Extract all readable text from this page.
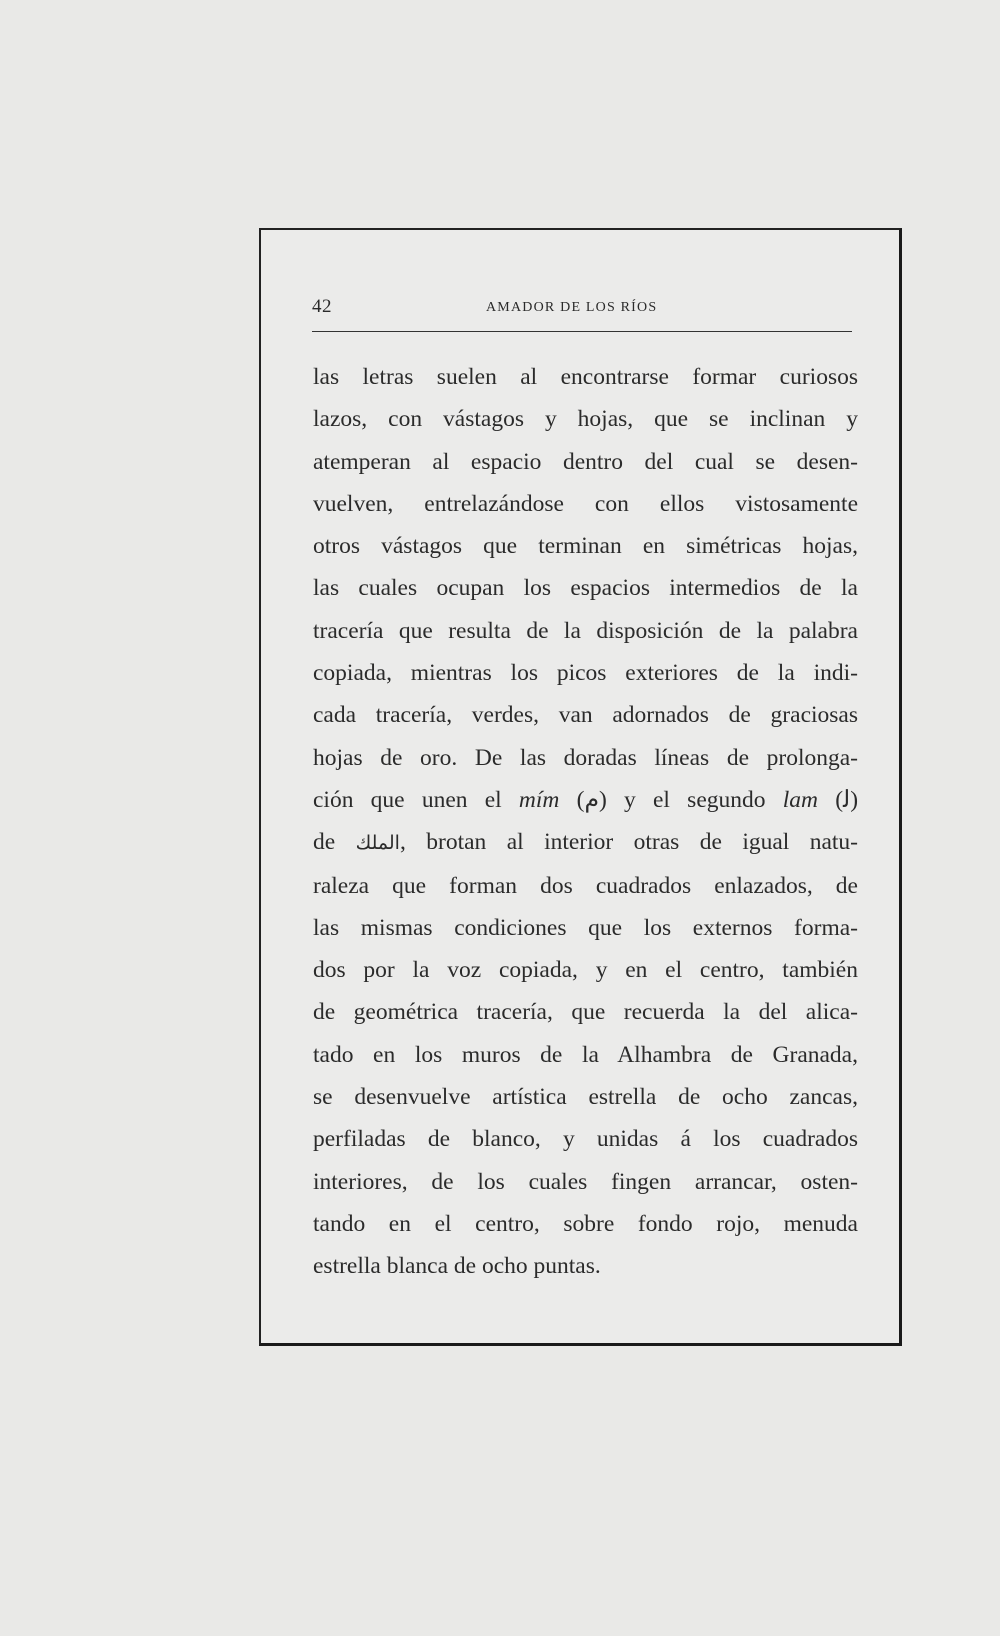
42	AMADOR DE LOS RÍOS
las letras suelen al encontrarse formar curiosos
lazos, con vástagos y hojas, que se inclinan y
atemperan al espacio dentro del cual se desen-
vuelven, entrelazándose con ellos vistosamente
otros vástagos que terminan en simétricas hojas,
las cuales ocupan los espacios intermedios de la
tracería que resulta de la disposición de la palabra
copiada, mientras los picos exteriores de la indi-
cada tracería, verdes, van adornados de graciosas
hojas de oro. De las doradas líneas de prolonga-
ción que unen el mím (م) y el segundo lam (ﻟ)
de الملك, brotan al interior otras de igual natu-
raleza que forman dos cuadrados enlazados, de
las mismas condiciones que los externos forma-
dos por la voz copiada, y en el centro, también
de geométrica tracería, que recuerda la del alica-
tado en los muros de la Alhambra de Granada,
se desenvuelve artística estrella de ocho zancas,
perfiladas de blanco, y unidas á los cuadrados
interiores, de los cuales fingen arrancar, osten-
tando en el centro, sobre fondo rojo, menuda
estrella blanca de ocho puntas.
